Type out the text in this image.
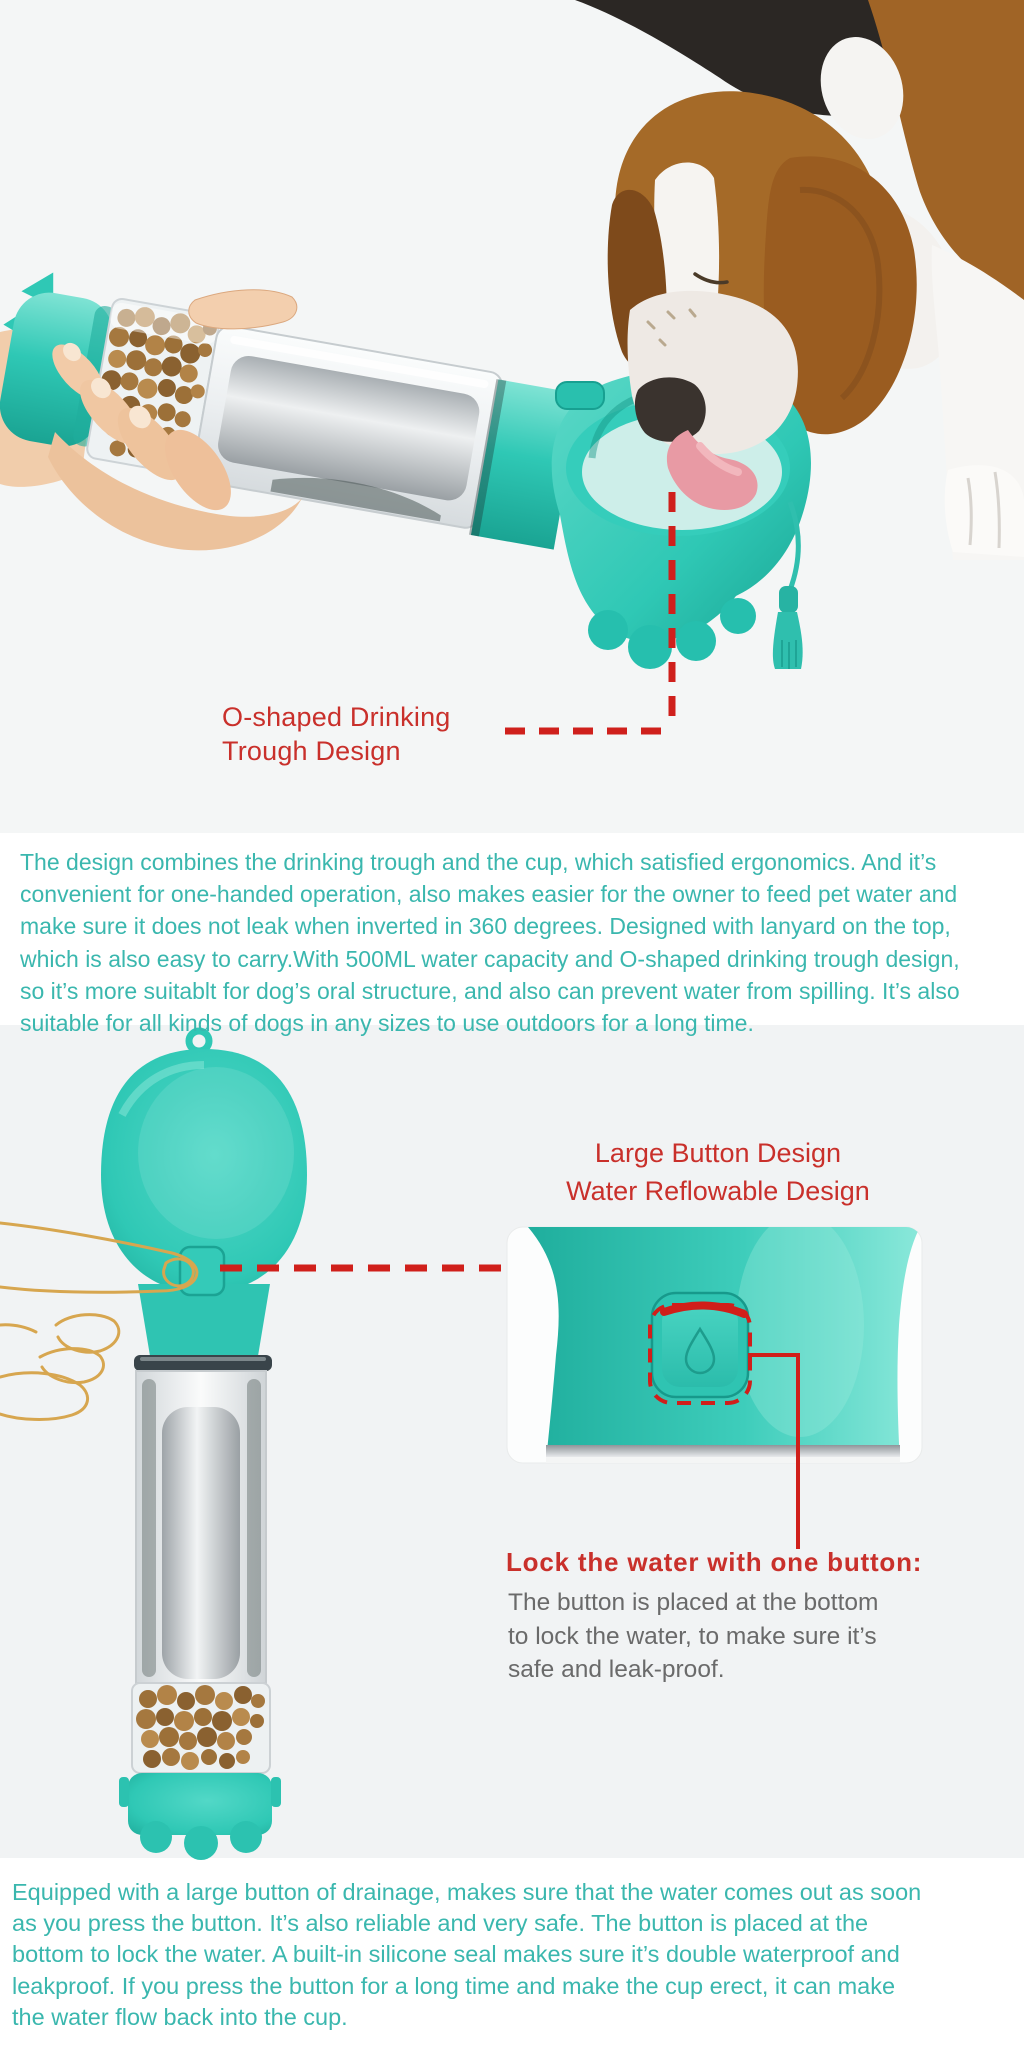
O-shaped Drinking
Trough Design
The design combines the drinking trough and the cup, which satisfied ergonomics. And it’s
convenient for one-handed operation, also makes easier for the owner to feed pet water and
make sure it does not leak when inverted in 360 degrees. Designed with lanyard on the top,
which is also easy to carry.With 500ML water capacity and O-shaped drinking trough design,
so it’s more suitablt for dog’s oral structure, and also can prevent water from spilling. It’s also
suitable for all kinds of dogs in any sizes to use outdoors for a long time.
Large Button Design
Water Reflowable Design
Lock the water with one button:
The button is placed at the bottom
to lock the water, to make sure it’s
safe and leak-proof.
Equipped with a large button of drainage, makes sure that the water comes out as soon
as you press the button. It’s also reliable and very safe. The button is placed at the
bottom to lock the water. A built-in silicone seal makes sure it’s double waterproof and
leakproof. If you press the button for a long time and make the cup erect, it can make
the water flow back into the cup.
